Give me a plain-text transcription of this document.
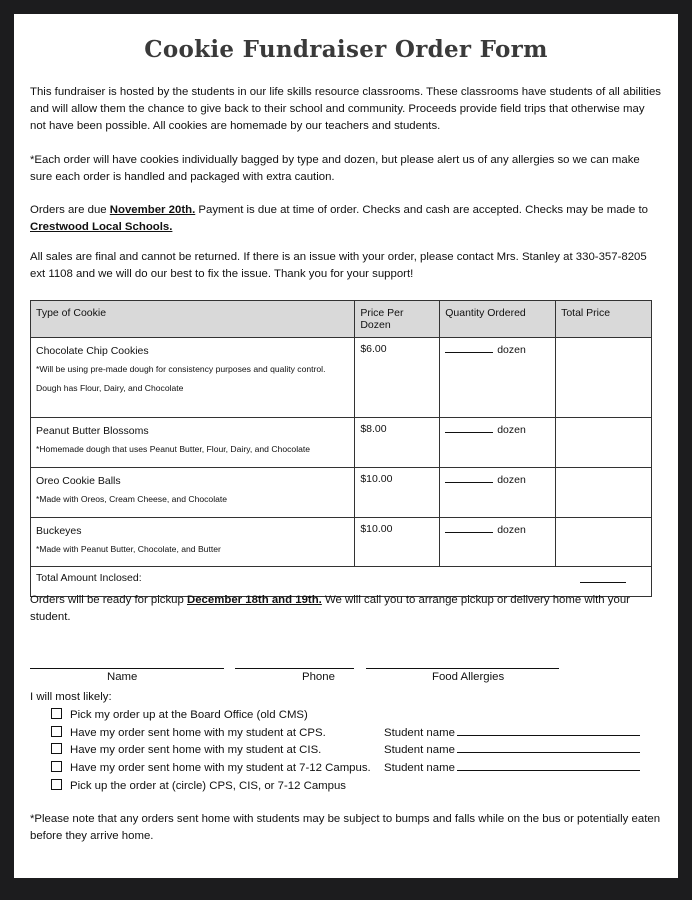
Cookie Fundraiser Order Form

This fundraiser is hosted by the students in our life skills resource classrooms. These classrooms have students of all abilities and will allow them the chance to give back to their school and community. Proceeds provide field trips that otherwise may not have been possible. All cookies are homemade by our teachers and students.

*Each order will have cookies individually bagged by type and dozen, but please alert us of any allergies so we can make sure each order is handled and packaged with extra caution.

Orders are due November 20th. Payment is due at time of order. Checks and cash are accepted. Checks may be made to Crestwood Local Schools.

All sales are final and cannot be returned. If there is an issue with your order, please contact Mrs. Stanley at 330-357-8205 ext 1108 and we will do our best to fix the issue. Thank you for your support!

Type of Cookie	Price Per Dozen	Quantity Ordered	Total Price

Chocolate Chip Cookies
*Will be using pre-made dough for consistency purposes and quality control. Dough has Flour, Dairy, and Chocolate	$6.00	dozen	

Peanut Butter Blossoms
*Homemade dough that uses Peanut Butter, Flour, Dairy, and Chocolate	$8.00	dozen	

Oreo Cookie Balls
*Made with Oreos, Cream Cheese, and Chocolate	$10.00	dozen	

Buckeyes
*Made with Peanut Butter, Chocolate, and Butter	$10.00	dozen	
Total Amount Inclosed:			

Orders will be ready for pickup December 18th and 19th. We will call you to arrange pickup or delivery home with your student.

Name	Phone	Food Allergies
I will most likely:
Pick my order up at the Board Office (old CMS)
Have my order sent home with my student at CPS.
Have my order sent home with my student at CIS.
Have my order sent home with my student at 7-12 Campus.
Pick up the order at (circle) CPS, CIS, or 7-12 Campus
Student name
Student name
Student name

*Please note that any orders sent home with students may be subject to bumps and falls while on the bus or potentially eaten before they arrive home.
